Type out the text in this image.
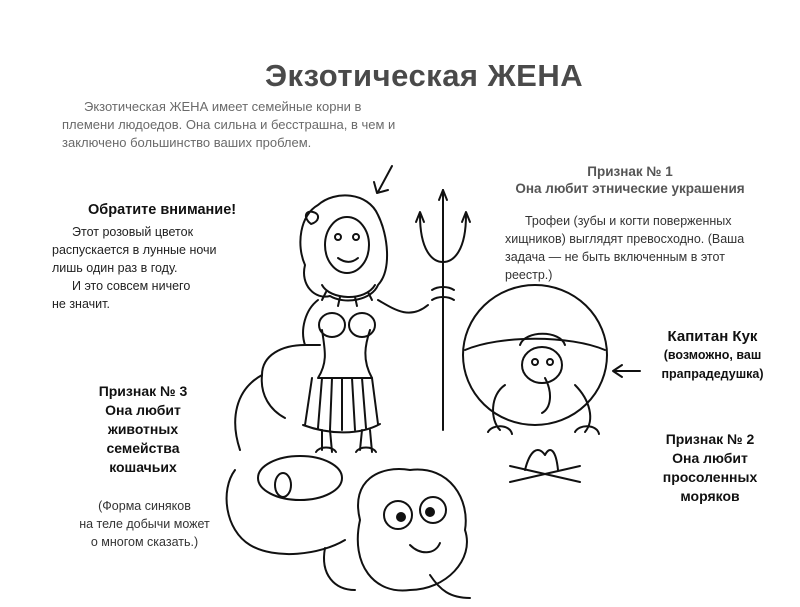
Экзотическая ЖЕНА

Экзотическая ЖЕНА имеет семейные корни в
племени людоедов. Она сильна и бесстрашна, в чем и
заключено большинство ваших проблем.

Признак № 1
Она любит этнические украшения

Трофеи (зубы и когти поверженных
хищников) выглядят превосходно. (Ваша
задача — не быть включенным в этот
реестр.)

Обратите внимание!

Этот розовый цветок
распускается в лунные ночи
лишь один раз в году.

И это совсем ничего
не значит.

Признак № 3
Она любит
животных
семейства
кошачьих
(Форма синяков
на теле добычи может
о многом сказать.)
Капитан Кук
(возможно, ваш
прапрадедушка)
Признак № 2
Она любит
просоленных
моряков
